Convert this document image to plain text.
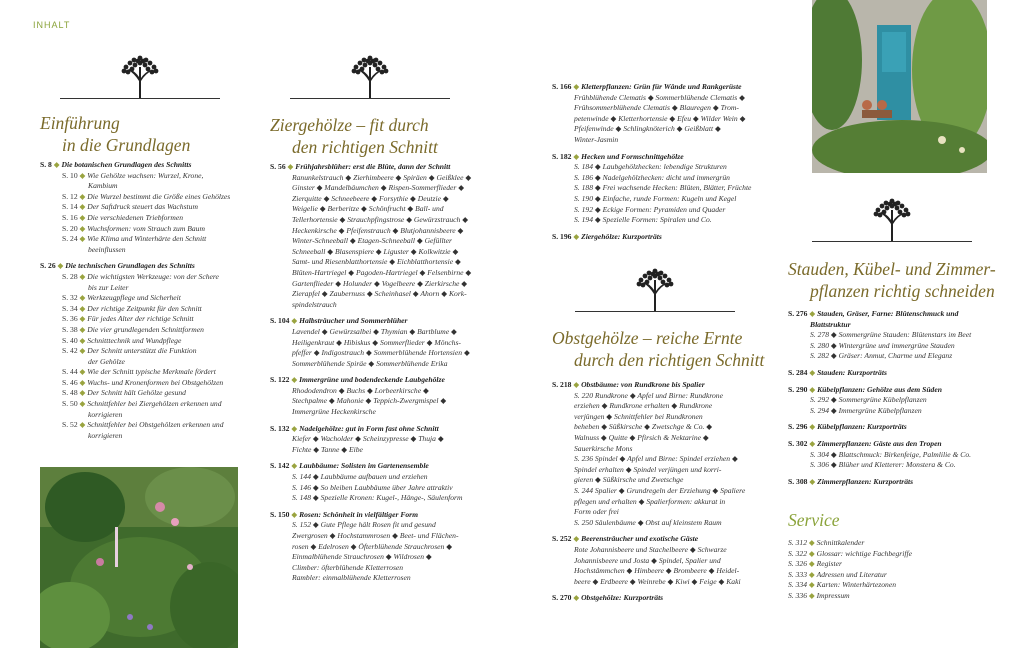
INHALT
Einführung
in die Grundlagen
S. 8 ◆ Die botanischen Grundlagen des Schnitts
S. 10 ◆ Wie Gehölze wachsen: Wurzel, Krone,
Kambium
S. 12 ◆ Die Wurzel bestimmt die Größe eines Gehölzes
S. 14 ◆ Der Saftdruck steuert das Wachstum
S. 16 ◆ Die verschiedenen Triebformen
S. 20 ◆ Wuchsformen: vom Strauch zum Baum
S. 24 ◆ Wie Klima und Winterhärte den Schnitt
beeinflussen
S. 26 ◆ Die technischen Grundlagen des Schnitts
S. 28 ◆ Die wichtigsten Werkzeuge: von der Schere
bis zur Leiter
S. 32 ◆ Werkzeugpflege und Sicherheit
S. 34 ◆ Der richtige Zeitpunkt für den Schnitt
S. 36 ◆ Für jedes Alter der richtige Schnitt
S. 38 ◆ Die vier grundlegenden Schnittformen
S. 40 ◆ Schnitttechnik und Wundpflege
S. 42 ◆ Der Schnitt unterstützt die Funktion
der Gehölze
S. 44 ◆ Wie der Schnitt typische Merkmale fördert
S. 46 ◆ Wuchs- und Kronenformen bei Obstgehölzen
S. 48 ◆ Der Schnitt hält Gehölze gesund
S. 50 ◆ Schnittfehler bei Ziergehölzen erkennen und
korrigieren
S. 52 ◆ Schnittfehler bei Obstgehölzen erkennen und
korrigieren
Ziergehölze – fit durch
den richtigen Schnitt
S. 56 ◆ Frühjahrsblüher: erst die Blüte, dann der Schnitt
Ranunkelstrauch ◆ Zierhimbeere ◆ Spiräen ◆ Geißklee ◆
Ginster ◆ Mandelbäumchen ◆ Rispen-Sommerflieder ◆
Zierquitte ◆ Schneebeere ◆ Forsythie ◆ Deutzie ◆
Weigelie ◆ Berberitze ◆ Schönfrucht ◆ Ball- und
Tellerhortensie ◆ Strauchpfingstrose ◆ Gewürzstrauch ◆
Heckenkirsche ◆ Pfeifenstrauch ◆ Blutjohannisbeere ◆
Winter-Schneeball ◆ Etagen-Schneeball ◆ Gefüllter
Schneeball ◆ Blasenspiere ◆ Liguster ◆ Kolkwitzie ◆
Samt- und Riesenblatthortensie ◆ Eichblatthortensie ◆
Blüten-Hartriegel ◆ Pagoden-Hartriegel ◆ Felsenbirne ◆
Gartenflieder ◆ Holunder ◆ Vogelbeere ◆ Zierkirsche ◆
Zierapfel ◆ Zaubernuss ◆ Scheinhasel ◆ Ahorn ◆ Kork-
spindelstrauch
S. 104 ◆ Halbsträucher und Sommerblüher
Lavendel ◆ Gewürzsalbei ◆ Thymian ◆ Bartblume ◆
Heiligenkraut ◆ Hibiskus ◆ Sommerflieder ◆ Mönchs-
pfeffer ◆ Indigostrauch ◆ Sommerblühende Hortensien ◆
Sommerblühende Spiräe ◆ Sommerblühende Erika
S. 122 ◆ Immergrüne und bodendeckende Laubgehölze
Rhododendron ◆ Buchs ◆ Lorbeerkirsche ◆
Stechpalme ◆ Mahonie ◆ Teppich-Zwergmispel ◆
Immergrüne Heckenkirsche
S. 132 ◆ Nadelgehölze: gut in Form fast ohne Schnitt
Kiefer ◆ Wacholder ◆ Scheinzypresse ◆ Thuja ◆
Fichte ◆ Tanne ◆ Eibe
S. 142 ◆ Laubbäume: Solisten im Gartenensemble
S. 144 ◆ Laubbäume aufbauen und erziehen
S. 146 ◆ So bleiben Laubbäume über Jahre attraktiv
S. 148 ◆ Spezielle Kronen: Kugel-, Hänge-, Säulenform
S. 150 ◆ Rosen: Schönheit in vielfältiger Form
S. 152 ◆ Gute Pflege hält Rosen fit und gesund
Zwergrosen ◆ Hochstammrosen ◆ Beet- und Flächen-
rosen ◆ Edelrosen ◆ Öfterblühende Strauchrosen ◆
Einmalblühende Strauchrosen ◆ Wildrosen ◆
Climber: öfterblühende Kletterrosen
Rambler: einmalblühende Kletterrosen
S. 166 ◆ Kletterpflanzen: Grün für Wände und Rankgerüste
Frühblühende Clematis ◆ Sommerblühende Clematis ◆
Frühsommerblühende Clematis ◆ Blauregen ◆ Trom-
petenwinde ◆ Kletterhortensie ◆ Efeu ◆ Wilder Wein ◆
Pfeifenwinde ◆ Schlingknöterich ◆ Geißblatt ◆
Winter-Jasmin
S. 182 ◆ Hecken und Formschnittgehölze
S. 184 ◆ Laubgehölzhecken: lebendige Strukturen
S. 186 ◆ Nadelgehölzhecken: dicht und immergrün
S. 188 ◆ Frei wachsende Hecken: Blüten, Blätter, Früchte
S. 190 ◆ Einfache, runde Formen: Kugeln und Kegel
S. 192 ◆ Eckige Formen: Pyramiden und Quader
S. 194 ◆ Spezielle Formen: Spiralen und Co.
S. 196 ◆ Ziergehölze: Kurzporträts
Obstgehölze – reiche Ernte
durch den richtigen Schnitt
S. 218 ◆ Obstbäume: von Rundkrone bis Spalier
S. 220 Rundkrone ◆ Apfel und Birne: Rundkrone
erziehen ◆ Rundkrone erhalten ◆ Rundkrone
verjüngen ◆ Schnittfehler bei Rundkronen
beheben ◆ Süßkirsche ◆ Zwetschge & Co. ◆
Walnuss ◆ Quitte ◆ Pfirsich & Nektarine ◆
Sauerkirsche Mons
S. 236 Spindel ◆ Apfel und Birne: Spindel erziehen ◆
Spindel erhalten ◆ Spindel verjüngen und korri-
gieren ◆ Süßkirsche und Zwetschge
S. 244 Spalier ◆ Grundregeln der Erziehung ◆ Spaliere
pflegen und erhalten ◆ Spalierformen: akkurat in
Form oder frei
S. 250 Säulenbäume ◆ Obst auf kleinstem Raum
S. 252 ◆ Beerensträucher und exotische Gäste
Rote Johannisbeere und Stachelbeere ◆ Schwarze
Johannisbeere und Josta ◆ Spindel, Spalier und
Hochstämmchen ◆ Himbeere ◆ Brombeere ◆ Heidel-
beere ◆ Erdbeere ◆ Weinrebe ◆ Kiwi ◆ Feige ◆ Kaki
S. 270 ◆ Obstgehölze: Kurzporträts
Stauden, Kübel- und Zimmer-
pflanzen richtig schneiden
S. 276 ◆ Stauden, Gräser, Farne: Blütenschmuck und
Blattstruktur
S. 278 ◆ Sommergrüne Stauden: Blütenstars im Beet
S. 280 ◆ Wintergrüne und immergrüne Stauden
S. 282 ◆ Gräser: Anmut, Charme und Eleganz
S. 284 ◆ Stauden: Kurzporträts
S. 290 ◆ Kübelpflanzen: Gehölze aus dem Süden
S. 292 ◆ Sommergrüne Kübelpflanzen
S. 294 ◆ Immergrüne Kübelpflanzen
S. 296 ◆ Kübelpflanzen: Kurzporträts
S. 302 ◆ Zimmerpflanzen: Gäste aus den Tropen
S. 304 ◆ Blattschmuck: Birkenfeige, Palmlilie & Co.
S. 306 ◆ Blüher und Kletterer: Monstera & Co.
S. 308 ◆ Zimmerpflanzen: Kurzporträts
Service
S. 312 ◆ Schnittkalender
S. 322 ◆ Glossar: wichtige Fachbegriffe
S. 326 ◆ Register
S. 333 ◆ Adressen und Literatur
S. 334 ◆ Karten: Winterhärtezonen
S. 336 ◆ Impressum
